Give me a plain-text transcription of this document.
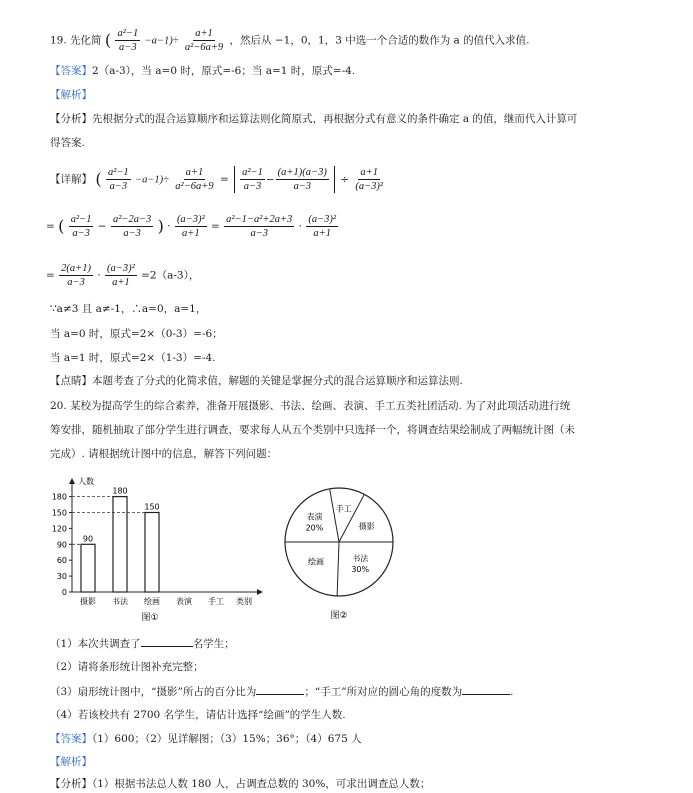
19. 先化简 ( $\frac{\text{a²−1}}{a-3} -a-1)\div \frac{a+1}{\text{a²−6a+9}}$ ，然后从 −1，0，1，3 中选一个合适的数作为 a 的值代入求值.
【答案】2（a-3），当 a=0 时，原式=-6；当 a=1 时，原式=-4.
【解析】
【分析】先根据分式的混合运算顺序和运算法则化简原式，再根据分式有意义的条件确定 a 的值，继而代入计算可
得答案.
【详解】 ( $\frac{\text{a²−1}}{a-3} -a-1)\div \frac{a+1}{\text{a²−6a+9}} = \frac{\text{a²−1}}{a-3} - \frac{(a+1)(a-3)}{a-3} \div \frac{a+1}{\text{(a−3)²}}$
= ( $\frac{\text{a²−1}}{a-3} - \frac{\text{a²−2a−3}}{a-3}$ ) · $\frac{\text{(a−3)²}}{a+1} = \frac{\text{a²−1−a²+2a+3}}{a-3} \cdot \frac{\text{(a−3)²}}{a+1}$
= $\frac{2(a+1)}{a-3} \cdot \frac{\text{(a−3)²}}{a+1} =2(a-3)$，
∵a≠3 且 a≠-1，∴a=0，a=1，
当 a=0 时，原式=2×（0-3）=-6；
当 a=1 时，原式=2×（1-3）=-4.
【点睛】本题考查了分式的化简求值，解题的关键是掌握分式的混合运算顺序和运算法则.
20. 某校为提高学生的综合素养，准备开展摄影、书法、绘画、表演、手工五类社团活动. 为了对此项活动进行统
筹安排，随机抽取了部分学生进行调查，要求每人从五个类别中只选择一个，将调查结果绘制成了两幅统计图（未
完成）. 请根据统计图中的信息，解答下列问题：
人数
类别
0
30
60
90
120
150
180
摄影 书法 绘画 表演 手工
90
180
150
图①
手工
摄影
书法
30%
绘画
表演
20%
图②
（1）本次共调查了	名学生；
（2）请将条形统计图补充完整；
（3）扇形统计图中，“摄影”所占的百分比为	；“手工”所对应的圆心角的度数为	.
（4）若该校共有 2700 名学生，请估计选择“绘画”的学生人数.
【答案】（1）600；（2）见详解图；（3）15%；36°；（4）675 人
【解析】
【分析】（1）根据书法总人数 180 人，占调查总数的 30%，可求出调查总人数；
